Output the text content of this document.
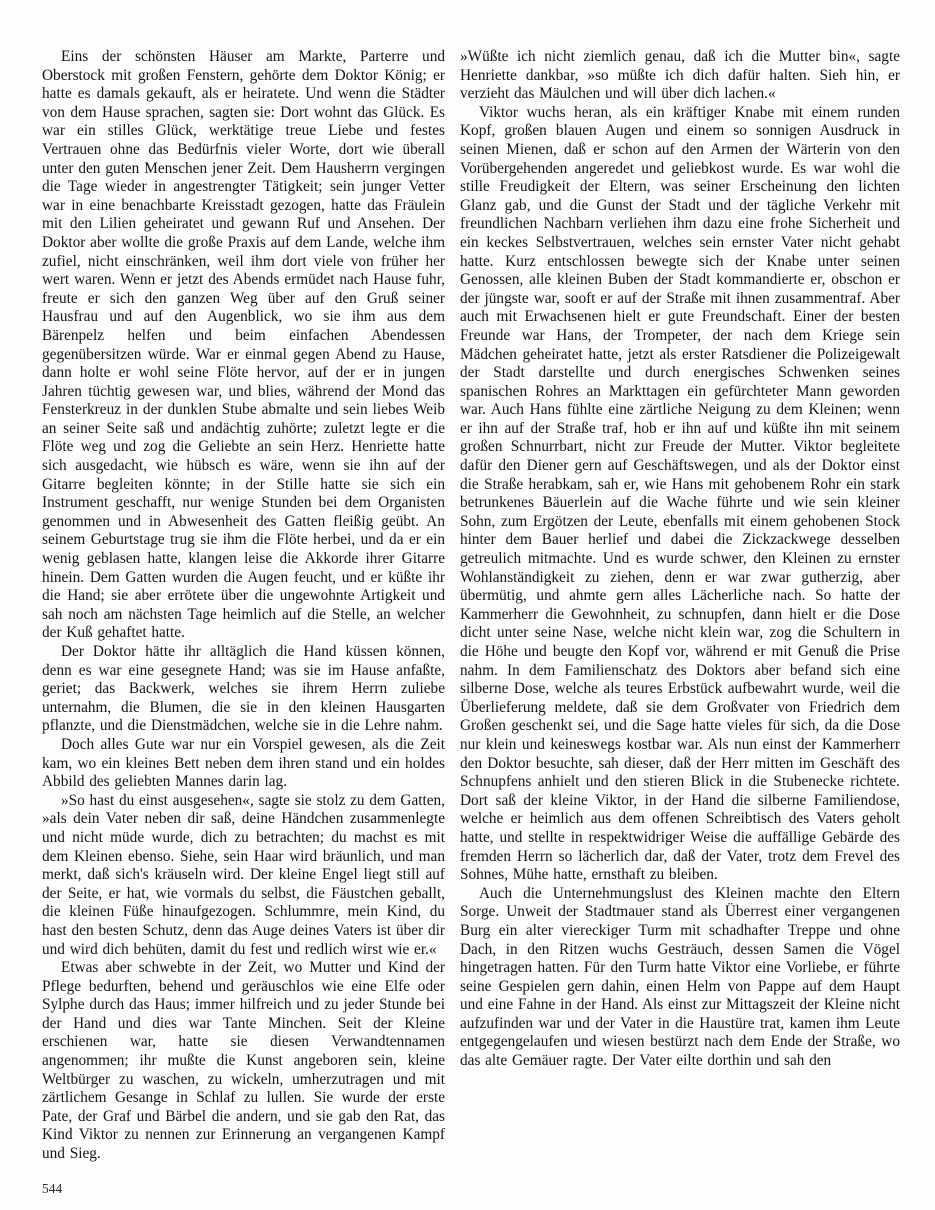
Eins der schönsten Häuser am Markte, Parterre und Oberstock mit großen Fenstern, gehörte dem Doktor König; er hatte es damals gekauft, als er heiratete. Und wenn die Städter von dem Hause sprachen, sagten sie: Dort wohnt das Glück. Es war ein stilles Glück, werktätige treue Liebe und festes Vertrauen ohne das Bedürfnis vieler Worte, dort wie überall unter den guten Menschen jener Zeit. Dem Hausherrn vergingen die Tage wieder in angestrengter Tätigkeit; sein junger Vetter war in eine benachbarte Kreisstadt gezogen, hatte das Fräulein mit den Lilien geheiratet und gewann Ruf und Ansehen. Der Doktor aber wollte die große Praxis auf dem Lande, welche ihm zufiel, nicht einschränken, weil ihm dort viele von früher her wert waren. Wenn er jetzt des Abends ermüdet nach Hause fuhr, freute er sich den ganzen Weg über auf den Gruß seiner Hausfrau und auf den Augenblick, wo sie ihm aus dem Bärenpelz helfen und beim einfachen Abendessen gegenübersitzen würde. War er einmal gegen Abend zu Hause, dann holte er wohl seine Flöte hervor, auf der er in jungen Jahren tüchtig gewesen war, und blies, während der Mond das Fensterkreuz in der dunklen Stube abmalte und sein liebes Weib an seiner Seite saß und andächtig zuhörte; zuletzt legte er die Flöte weg und zog die Geliebte an sein Herz. Henriette hatte sich ausgedacht, wie hübsch es wäre, wenn sie ihn auf der Gitarre begleiten könnte; in der Stille hatte sie sich ein Instrument geschafft, nur wenige Stunden bei dem Organisten genommen und in Abwesenheit des Gatten fleißig geübt. An seinem Geburtstage trug sie ihm die Flöte herbei, und da er ein wenig geblasen hatte, klangen leise die Akkorde ihrer Gitarre hinein. Dem Gatten wurden die Augen feucht, und er küßte ihr die Hand; sie aber errötete über die ungewohnte Artigkeit und sah noch am nächsten Tage heimlich auf die Stelle, an welcher der Kuß gehaftet hatte.

Der Doktor hätte ihr alltäglich die Hand küssen können, denn es war eine gesegnete Hand; was sie im Hause anfaßte, geriet; das Backwerk, welches sie ihrem Herrn zuliebe unternahm, die Blumen, die sie in den kleinen Hausgarten pflanzte, und die Dienstmädchen, welche sie in die Lehre nahm.

Doch alles Gute war nur ein Vorspiel gewesen, als die Zeit kam, wo ein kleines Bett neben dem ihren stand und ein holdes Abbild des geliebten Mannes darin lag.

»So hast du einst ausgesehen«, sagte sie stolz zu dem Gatten, »als dein Vater neben dir saß, deine Händchen zusammenlegte und nicht müde wurde, dich zu betrachten; du machst es mit dem Kleinen ebenso. Siehe, sein Haar wird bräunlich, und man merkt, daß sich's kräuseln wird. Der kleine Engel liegt still auf der Seite, er hat, wie vormals du selbst, die Fäustchen geballt, die kleinen Füße hinaufgezogen. Schlummre, mein Kind, du hast den besten Schutz, denn das Auge deines Vaters ist über dir und wird dich behüten, damit du fest und redlich wirst wie er.«

Etwas aber schwebte in der Zeit, wo Mutter und Kind der Pflege bedurften, behend und geräuschlos wie eine Elfe oder Sylphe durch das Haus; immer hilfreich und zu jeder Stunde bei der Hand und dies war Tante Minchen. Seit der Kleine erschienen war, hatte sie diesen Verwandtennamen angenommen; ihr mußte die Kunst angeboren sein, kleine Weltbürger zu waschen, zu wickeln, umherzutragen und mit zärtlichem Gesange in Schlaf zu lullen. Sie wurde der erste Pate, der Graf und Bärbel die andern, und sie gab den Rat, das Kind Viktor zu nennen zur Erinnerung an vergangenen Kampf und Sieg.

544

»Wüßte ich nicht ziemlich genau, daß ich die Mutter bin«, sagte Henriette dankbar, »so müßte ich dich dafür halten. Sieh hin, er verzieht das Mäulchen und will über dich lachen.«

Viktor wuchs heran, als ein kräftiger Knabe mit einem runden Kopf, großen blauen Augen und einem so sonnigen Ausdruck in seinen Mienen, daß er schon auf den Armen der Wärterin von den Vorübergehenden angeredet und geliebkost wurde. Es war wohl die stille Freudigkeit der Eltern, was seiner Erscheinung den lichten Glanz gab, und die Gunst der Stadt und der tägliche Verkehr mit freundlichen Nachbarn verliehen ihm dazu eine frohe Sicherheit und ein keckes Selbstvertrauen, welches sein ernster Vater nicht gehabt hatte. Kurz entschlossen bewegte sich der Knabe unter seinen Genossen, alle kleinen Buben der Stadt kommandierte er, obschon er der jüngste war, sooft er auf der Straße mit ihnen zusammentraf. Aber auch mit Erwachsenen hielt er gute Freundschaft. Einer der besten Freunde war Hans, der Trompeter, der nach dem Kriege sein Mädchen geheiratet hatte, jetzt als erster Ratsdiener die Polizeigewalt der Stadt darstellte und durch energisches Schwenken seines spanischen Rohres an Markttagen ein gefürchteter Mann geworden war. Auch Hans fühlte eine zärtliche Neigung zu dem Kleinen; wenn er ihn auf der Straße traf, hob er ihn auf und küßte ihn mit seinem großen Schnurrbart, nicht zur Freude der Mutter. Viktor begleitete dafür den Diener gern auf Geschäftswegen, und als der Doktor einst die Straße herabkam, sah er, wie Hans mit gehobenem Rohr ein stark betrunkenes Bäuerlein auf die Wache führte und wie sein kleiner Sohn, zum Ergötzen der Leute, ebenfalls mit einem gehobenen Stock hinter dem Bauer herlief und dabei die Zickzackwege desselben getreulich mitmachte. Und es wurde schwer, den Kleinen zu ernster Wohlanständigkeit zu ziehen, denn er war zwar gutherzig, aber übermütig, und ahmte gern alles Lächerliche nach. So hatte der Kammerherr die Gewohnheit, zu schnupfen, dann hielt er die Dose dicht unter seine Nase, welche nicht klein war, zog die Schultern in die Höhe und beugte den Kopf vor, während er mit Genuß die Prise nahm. In dem Familienschatz des Doktors aber befand sich eine silberne Dose, welche als teures Erbstück aufbewahrt wurde, weil die Überlieferung meldete, daß sie dem Großvater von Friedrich dem Großen geschenkt sei, und die Sage hatte vieles für sich, da die Dose nur klein und keineswegs kostbar war. Als nun einst der Kammerherr den Doktor besuchte, sah dieser, daß der Herr mitten im Geschäft des Schnupfens anhielt und den stieren Blick in die Stubenecke richtete. Dort saß der kleine Viktor, in der Hand die silberne Familiendose, welche er heimlich aus dem offenen Schreibtisch des Vaters geholt hatte, und stellte in respektwidriger Weise die auffällige Gebärde des fremden Herrn so lächerlich dar, daß der Vater, trotz dem Frevel des Sohnes, Mühe hatte, ernsthaft zu bleiben.

Auch die Unternehmungslust des Kleinen machte den Eltern Sorge. Unweit der Stadtmauer stand als Überrest einer vergangenen Burg ein alter viereckiger Turm mit schadhafter Treppe und ohne Dach, in den Ritzen wuchs Gesträuch, dessen Samen die Vögel hingetragen hatten. Für den Turm hatte Viktor eine Vorliebe, er führte seine Gespielen gern dahin, einen Helm von Pappe auf dem Haupt und eine Fahne in der Hand. Als einst zur Mittagszeit der Kleine nicht aufzufinden war und der Vater in die Haustüre trat, kamen ihm Leute entgegengelaufen und wiesen bestürzt nach dem Ende der Straße, wo das alte Gemäuer ragte. Der Vater eilte dorthin und sah den
